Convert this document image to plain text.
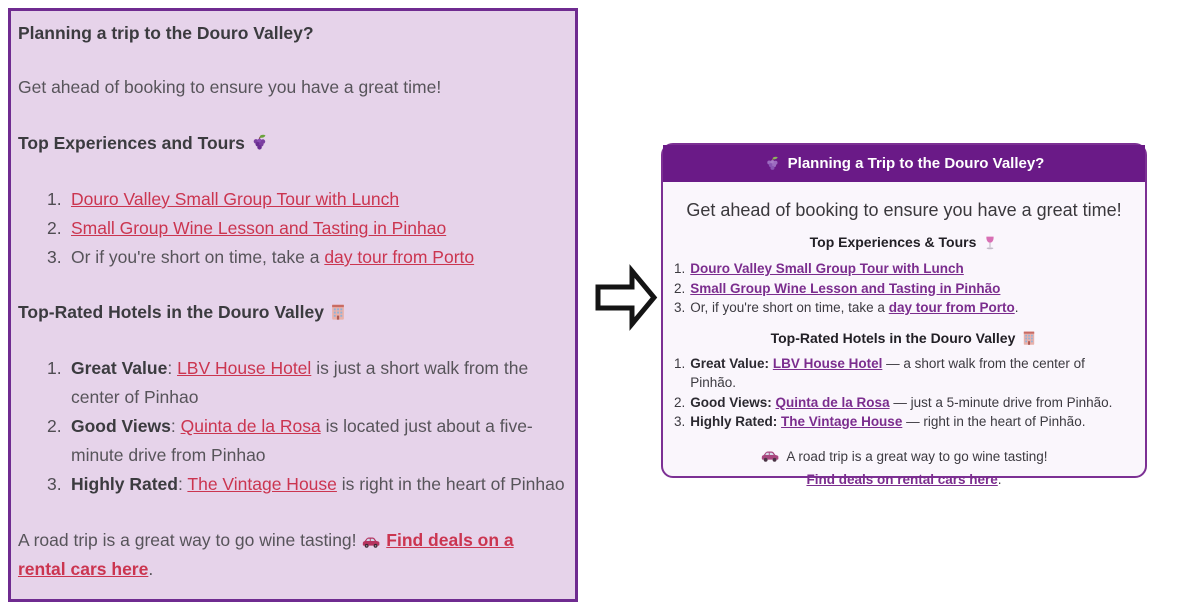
Planning a trip to the Douro Valley?

Get ahead of booking to ensure you have a great time!

Top Experiences and Tours
1. Douro Valley Small Group Tour with Lunch
2. Small Group Wine Lesson and Tasting in Pinhao
3. Or if you're short on time, take a day tour from Porto
Top-Rated Hotels in the Douro Valley
1. Great Value: LBV House Hotel is just a short walk from the center of Pinhao
2. Good Views: Quinta de la Rosa is located just about a five-minute drive from Pinhao
3. Highly Rated: The Vintage House is right in the heart of Pinhao

A road trip is a great way to go wine tasting! Find deals on a rental cars here.

Planning a Trip to the Douro Valley?

Get ahead of booking to ensure you have a great time!

Top Experiences & Tours
1. Douro Valley Small Group Tour with Lunch
2. Small Group Wine Lesson and Tasting in Pinhão
3. Or, if you're short on time, take a day tour from Porto.
Top-Rated Hotels in the Douro Valley
1. Great Value: LBV House Hotel — a short walk from the center of Pinhão.
2. Good Views: Quinta de la Rosa — just a 5-minute drive from Pinhão.
3. Highly Rated: The Vintage House — right in the heart of Pinhão.

A road trip is a great way to go wine tasting!

Find deals on rental cars here.
